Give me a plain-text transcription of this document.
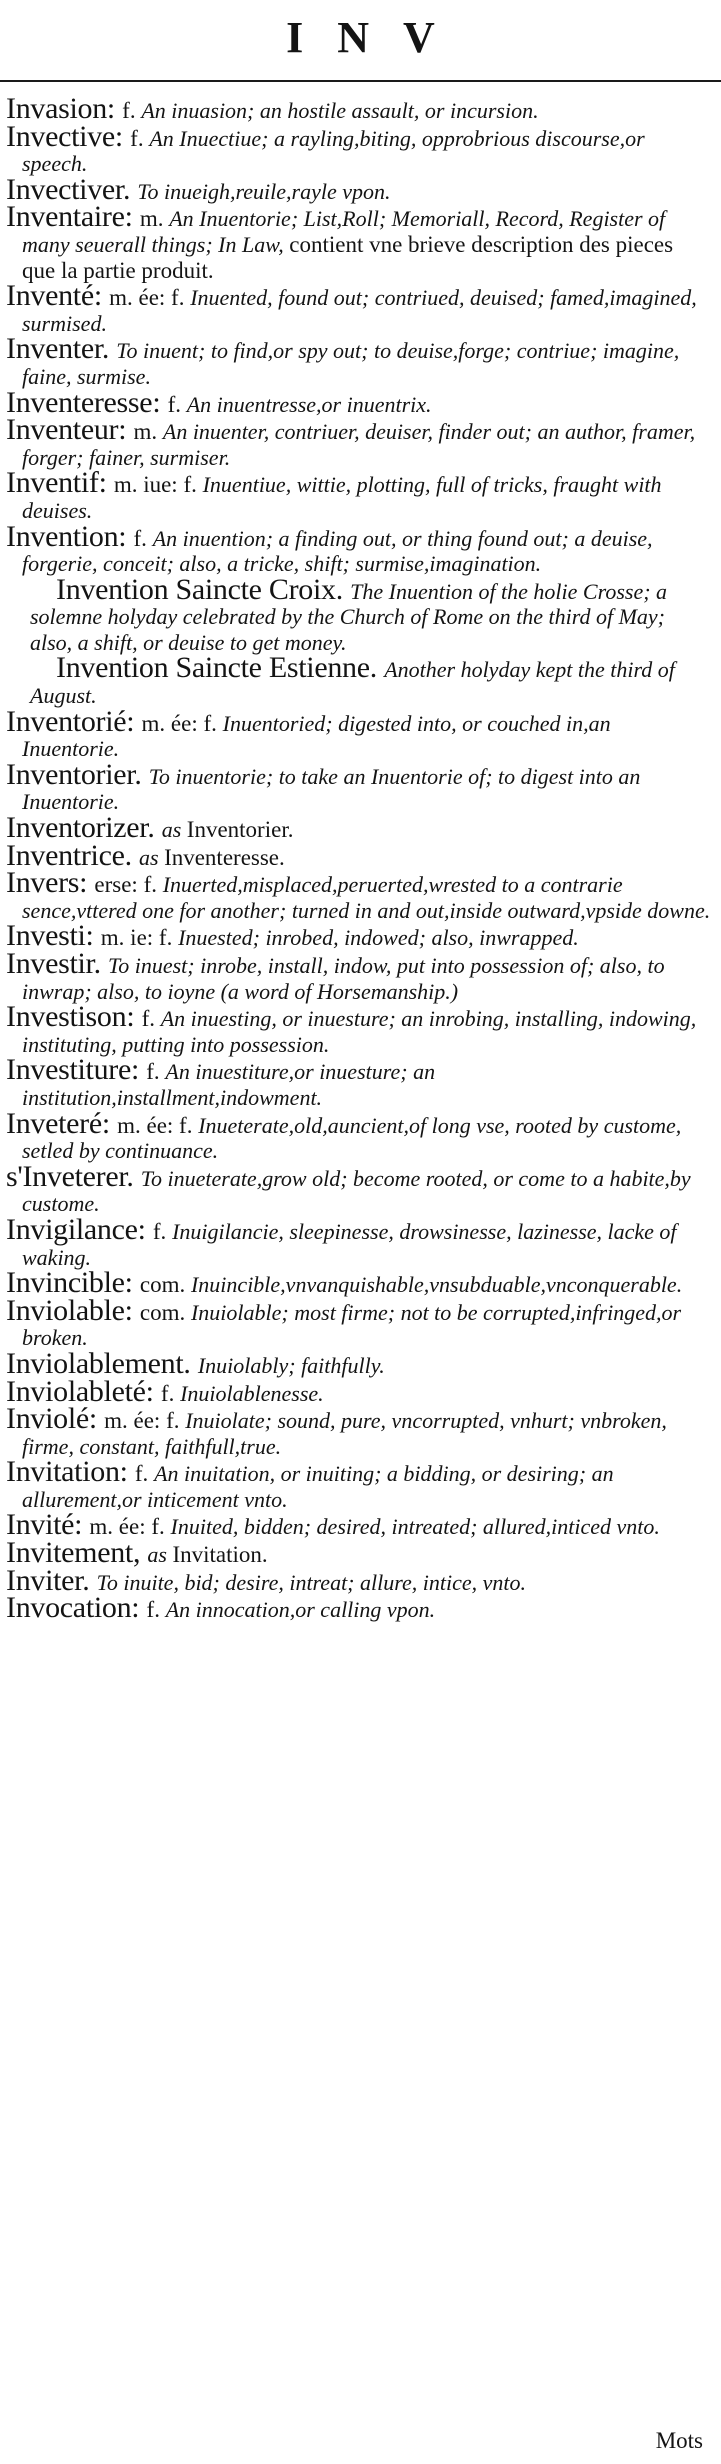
INV

Invasion: f. An inuasion; an hostile assault, or incursion.

Invective: f. An Inuectiue; a rayling,biting, opprobrious discourse,or speech.

Invectiver. To inueigh,reuile,rayle vpon.

Inventaire: m. An Inuentorie; List,Roll; Memoriall, Record, Register of many seuerall things; In Law, contient vne brieve description des pieces que la partie produit.

Inventé: m. ée: f. Inuented, found out; contriued, deuised; famed,imagined, surmised.

Inventer. To inuent; to find,or spy out; to deuise,forge; contriue; imagine, faine, surmise.

Inventeresse: f. An inuentresse,or inuentrix.

Inventeur: m. An inuenter, contriuer, deuiser, finder out; an author, framer, forger; fainer, surmiser.

Inventif: m. iue: f. Inuentiue, wittie, plotting, full of tricks, fraught with deuises.

Invention: f. An inuention; a finding out, or thing found out; a deuise, forgerie, conceit; also, a tricke, shift; surmise,imagination.

Invention Saincte Croix. The Inuention of the holie Crosse; a solemne holyday celebrated by the Church of Rome on the third of May; also, a shift, or deuise to get money.

Invention Saincte Estienne. Another holyday kept the third of August.

Inventorié: m. ée: f. Inuentoried; digested into, or couched in,an Inuentorie.

Inventorier. To inuentorie; to take an Inuentorie of; to digest into an Inuentorie.

Inventorizer. as Inventorier.

Inventrice. as Inventeresse.

Invers: erse: f. Inuerted,misplaced,peruerted,wrested to a contrarie sence,vttered one for another; turned in and out,inside outward,vpside downe.

Investi: m. ie: f. Inuested; inrobed, indowed; also, inwrapped.

Investir. To inuest; inrobe, install, indow, put into possession of; also, to inwrap; also, to ioyne (a word of Horsemanship.)

Investison: f. An inuesting, or inuesture; an inrobing, installing, indowing, instituting, putting into possession.

Investiture: f. An inuestiture,or inuesture; an institution,installment,indowment.

Inveteré: m. ée: f. Inueterate,old,auncient,of long vse, rooted by custome, setled by continuance.

s'Inveterer. To inueterate,grow old; become rooted, or come to a habite,by custome.

Invigilance: f. Inuigilancie, sleepinesse, drowsinesse, lazinesse, lacke of waking.

Invincible: com. Inuincible,vnvanquishable,vnsubduable,vnconquerable.

Inviolable: com. Inuiolable; most firme; not to be corrupted,infringed,or broken.

Inviolablement. Inuiolably; faithfully.

Inviolableté: f. Inuiolablenesse.

Inviolé: m. ée: f. Inuiolate; sound, pure, vncorrupted, vnhurt; vnbroken, firme, constant, faithfull,true.

Invitation: f. An inuitation, or inuiting; a bidding, or desiring; an allurement,or inticement vnto.

Invité: m. ée: f. Inuited, bidden; desired, intreated; allured,inticed vnto.

Invitement, as Invitation.

Inviter. To inuite, bid; desire, intreat; allure, intice, vnto.

Invocation: f. An innocation,or calling vpon.

Mots
